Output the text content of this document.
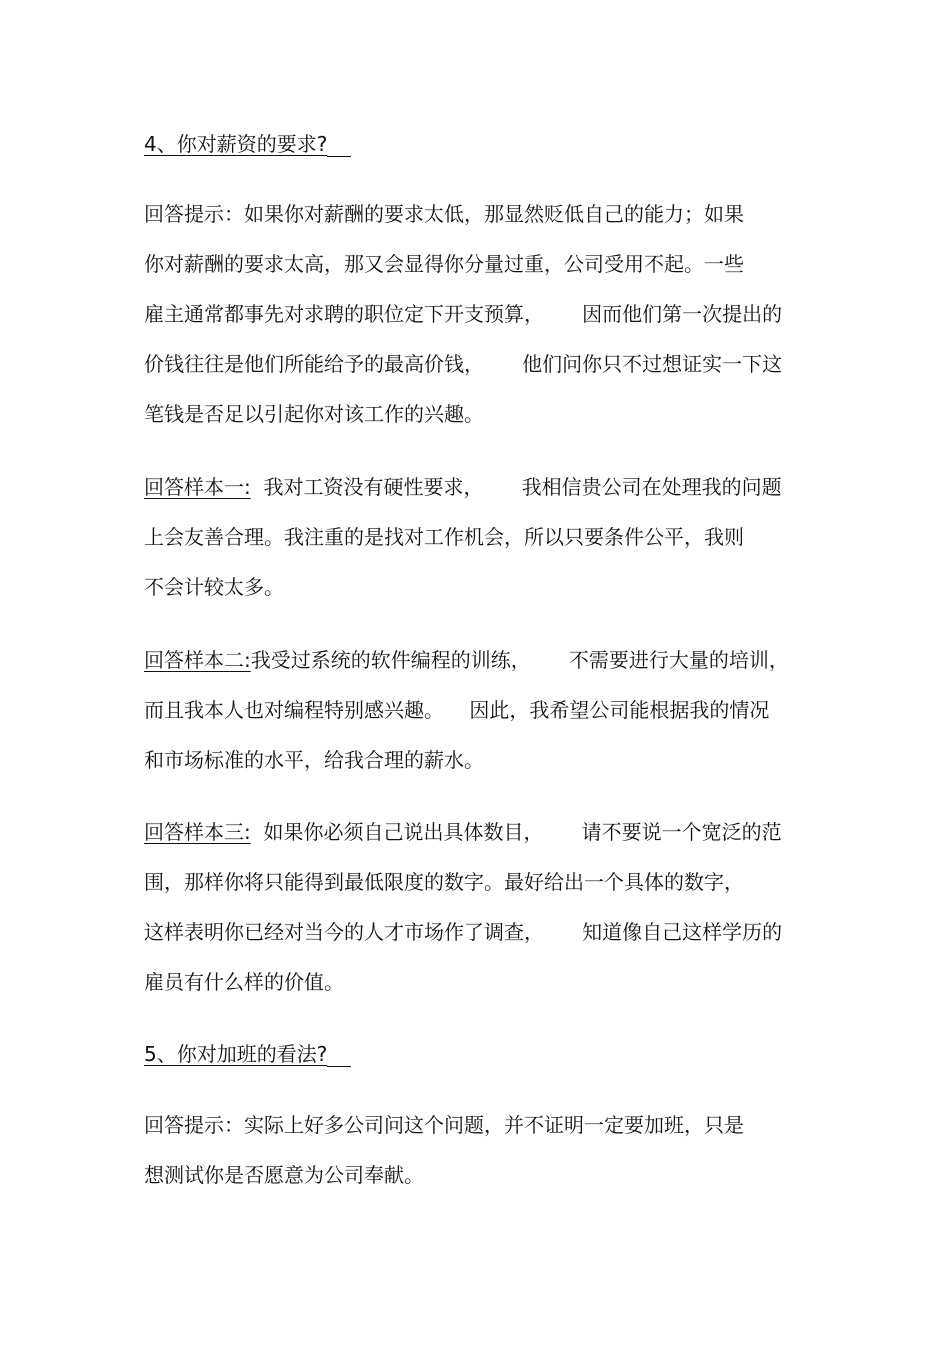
4、你对薪资的要求?

回答提示：如果你对薪酬的要求太低，那显然贬低自己的能力；如果

你对薪酬的要求太高，那又会显得你分量过重，公司受用不起。一些

雇主通常都事先对求聘的职位定下开支预算，      因而他们第一次提出的

价钱往往是他们所能给予的最高价钱，      他们问你只不过想证实一下这

笔钱是否足以引起你对该工作的兴趣。

回答样本一:  我对工资没有硬性要求，      我相信贵公司在处理我的问题

上会友善合理。我注重的是找对工作机会，所以只要条件公平，我则

不会计较太多。

回答样本二:我受过系统的软件编程的训练，      不需要进行大量的培训，

而且我本人也对编程特别感兴趣。    因此，我希望公司能根据我的情况

和市场标准的水平，给我合理的薪水。

回答样本三:  如果你必须自己说出具体数目，      请不要说一个宽泛的范

围，那样你将只能得到最低限度的数字。最好给出一个具体的数字，

这样表明你已经对当今的人才市场作了调查，      知道像自己这样学历的

雇员有什么样的价值。

5、你对加班的看法?

回答提示：实际上好多公司问这个问题，并不证明一定要加班，只是

想测试你是否愿意为公司奉献。
